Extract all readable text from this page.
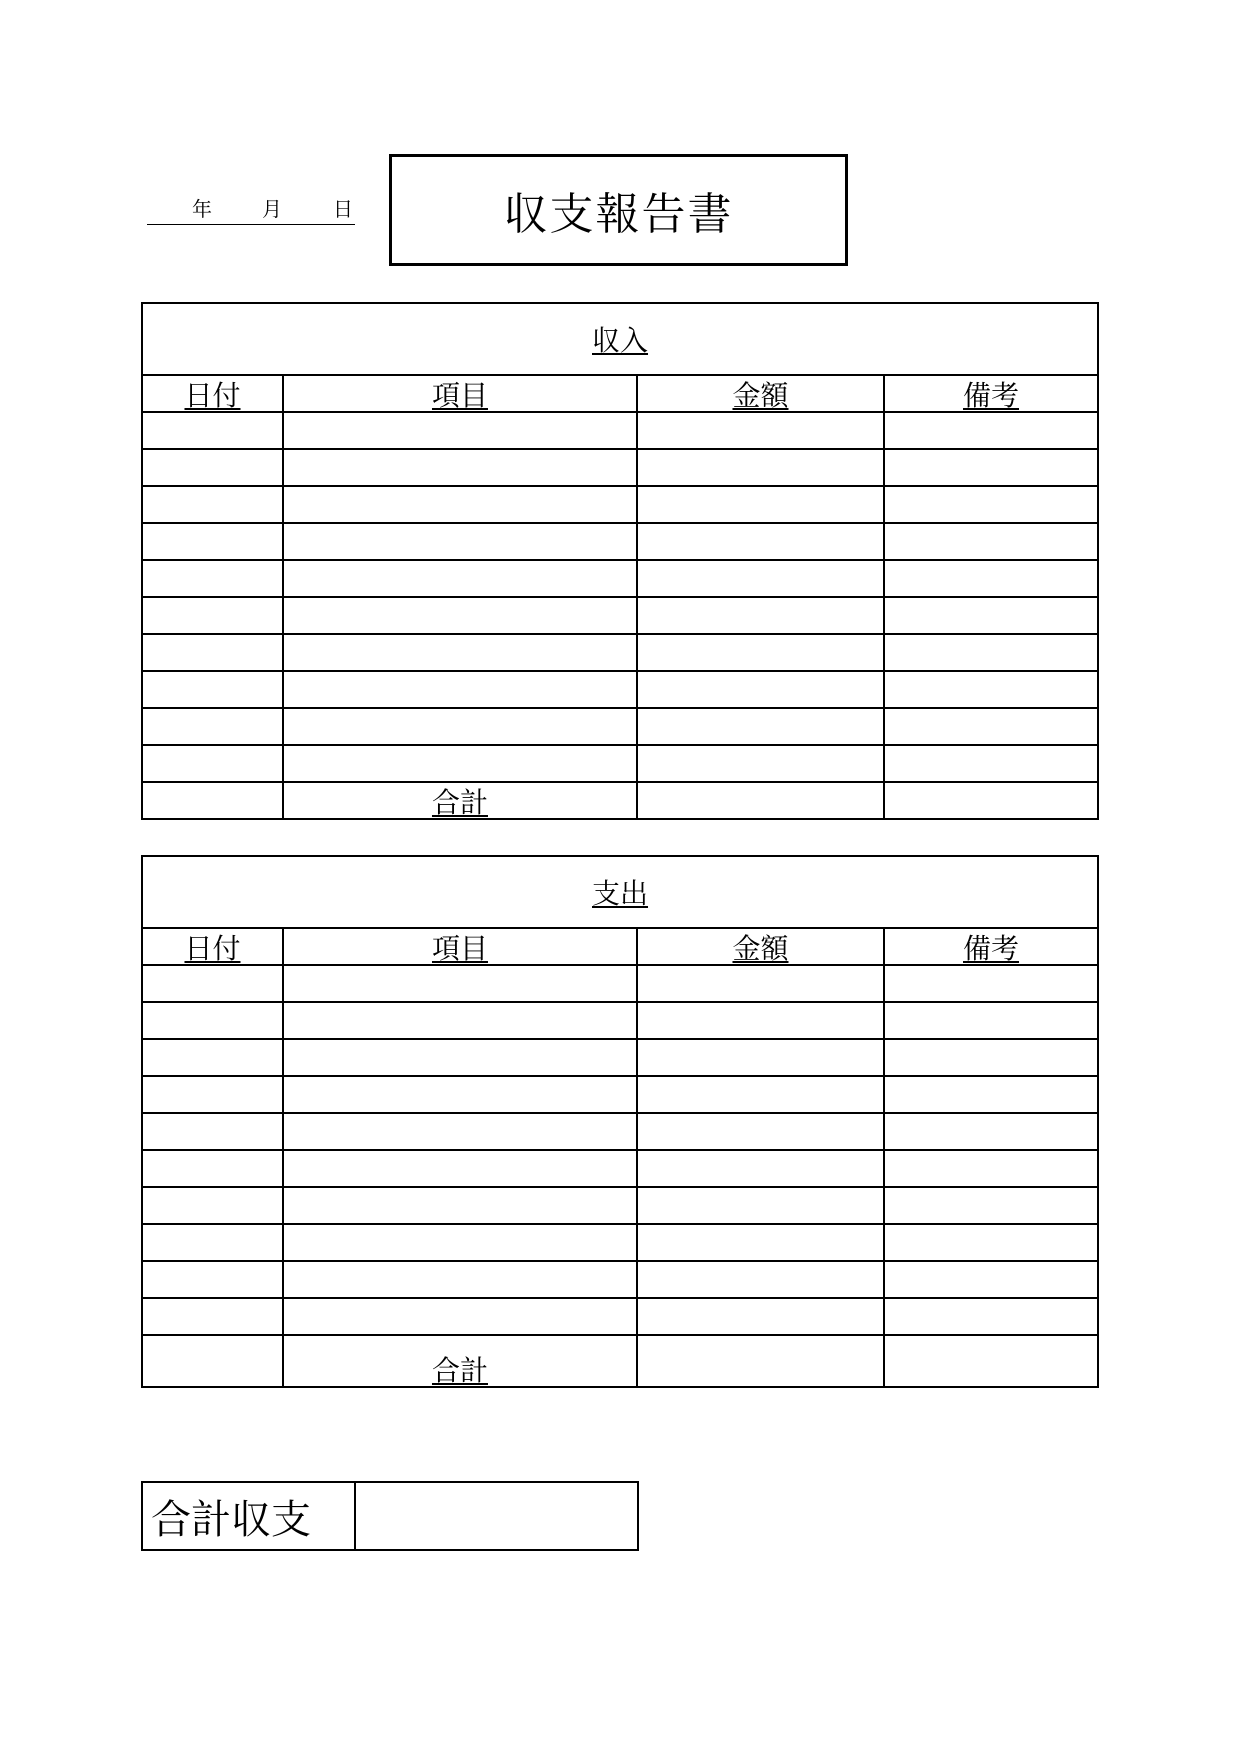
年	月	日	収支報告書
収入			
日付	項目	金額	備考

	合計		
支出			
日付	項目	金額	備考

	合計		
合計収支
